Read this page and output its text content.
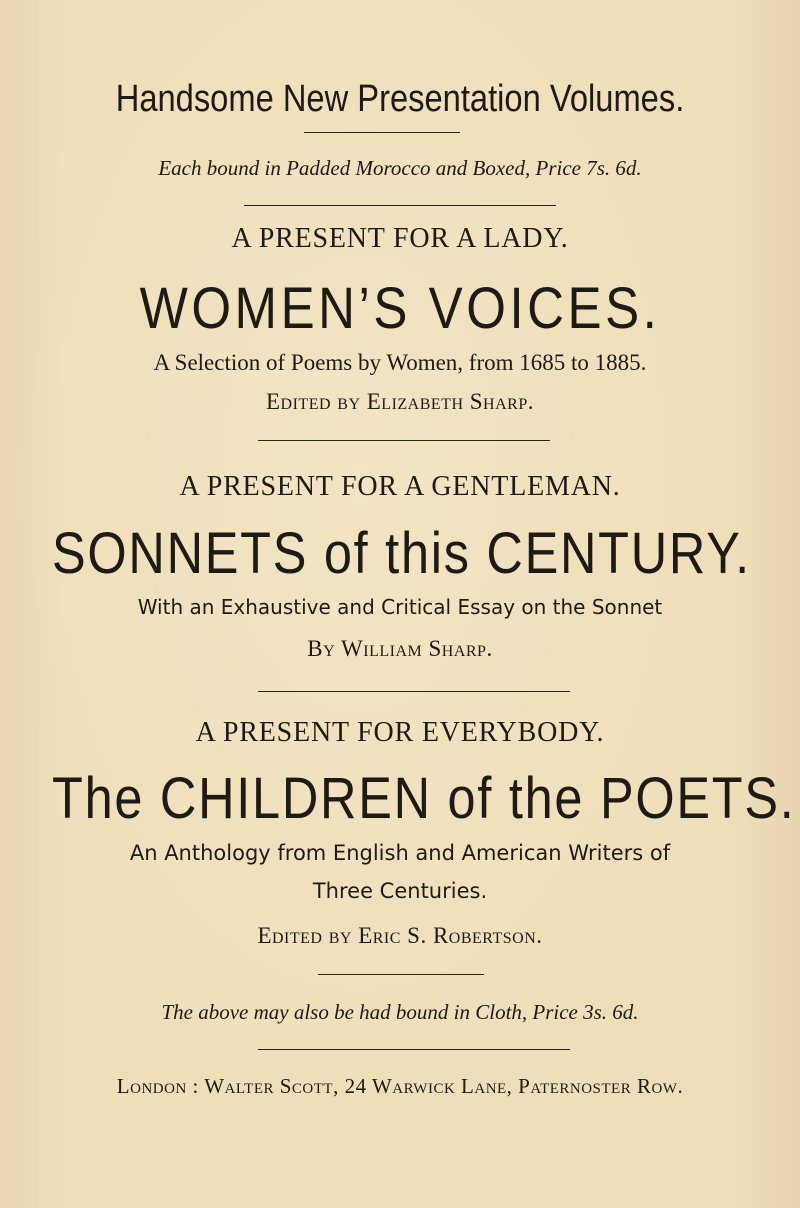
Handsome New Presentation Volumes.
Each bound in Padded Morocco and Boxed, Price 7s. 6d.
A PRESENT FOR A LADY.
WOMEN’S VOICES.
A Selection of Poems by Women, from 1685 to 1885.
Edited by Elizabeth Sharp.
A PRESENT FOR A GENTLEMAN.
SONNETS of this CENTURY.
With an Exhaustive and Critical Essay on the Sonnet
By William Sharp.
A PRESENT FOR EVERYBODY.
The CHILDREN of the POETS.
An Anthology from English and American Writers of
Three Centuries.
Edited by Eric S. Robertson.
The above may also be had bound in Cloth, Price 3s. 6d.
London : Walter Scott, 24 Warwick Lane, Paternoster Row.
